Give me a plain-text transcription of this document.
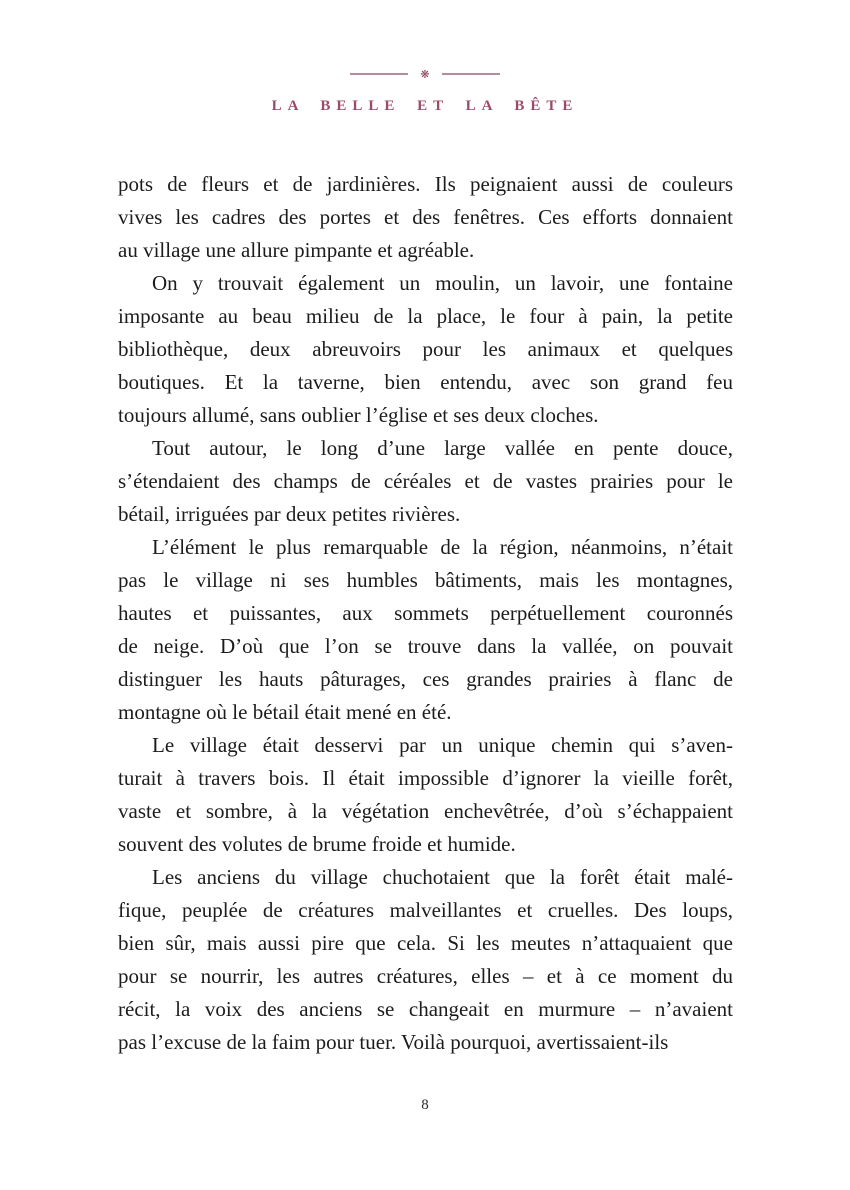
❋
LA BELLE ET LA BÊTE

pots de fleurs et de jardinières. Ils peignaient aussi de couleurs
vives les cadres des portes et des fenêtres. Ces efforts donnaient
au village une allure pimpante et agréable.

On y trouvait également un moulin, un lavoir, une fontaine
imposante au beau milieu de la place, le four à pain, la petite
bibliothèque, deux abreuvoirs pour les animaux et quelques
boutiques. Et la taverne, bien entendu, avec son grand feu
toujours allumé, sans oublier l’église et ses deux cloches.

Tout autour, le long d’une large vallée en pente douce,
s’étendaient des champs de céréales et de vastes prairies pour le
bétail, irriguées par deux petites rivières.

L’élément le plus remarquable de la région, néanmoins, n’était
pas le village ni ses humbles bâtiments, mais les montagnes,
hautes et puissantes, aux sommets perpétuellement couronnés
de neige. D’où que l’on se trouve dans la vallée, on pouvait
distinguer les hauts pâturages, ces grandes prairies à flanc de
montagne où le bétail était mené en été.

Le village était desservi par un unique chemin qui s’aven-
turait à travers bois. Il était impossible d’ignorer la vieille forêt,
vaste et sombre, à la végétation enchevêtrée, d’où s’échappaient
souvent des volutes de brume froide et humide.

Les anciens du village chuchotaient que la forêt était malé-
fique, peuplée de créatures malveillantes et cruelles. Des loups,
bien sûr, mais aussi pire que cela. Si les meutes n’attaquaient que
pour se nourrir, les autres créatures, elles – et à ce moment du
récit, la voix des anciens se changeait en murmure – n’avaient
pas l’excuse de la faim pour tuer. Voilà pourquoi, avertissaient-ils

8
